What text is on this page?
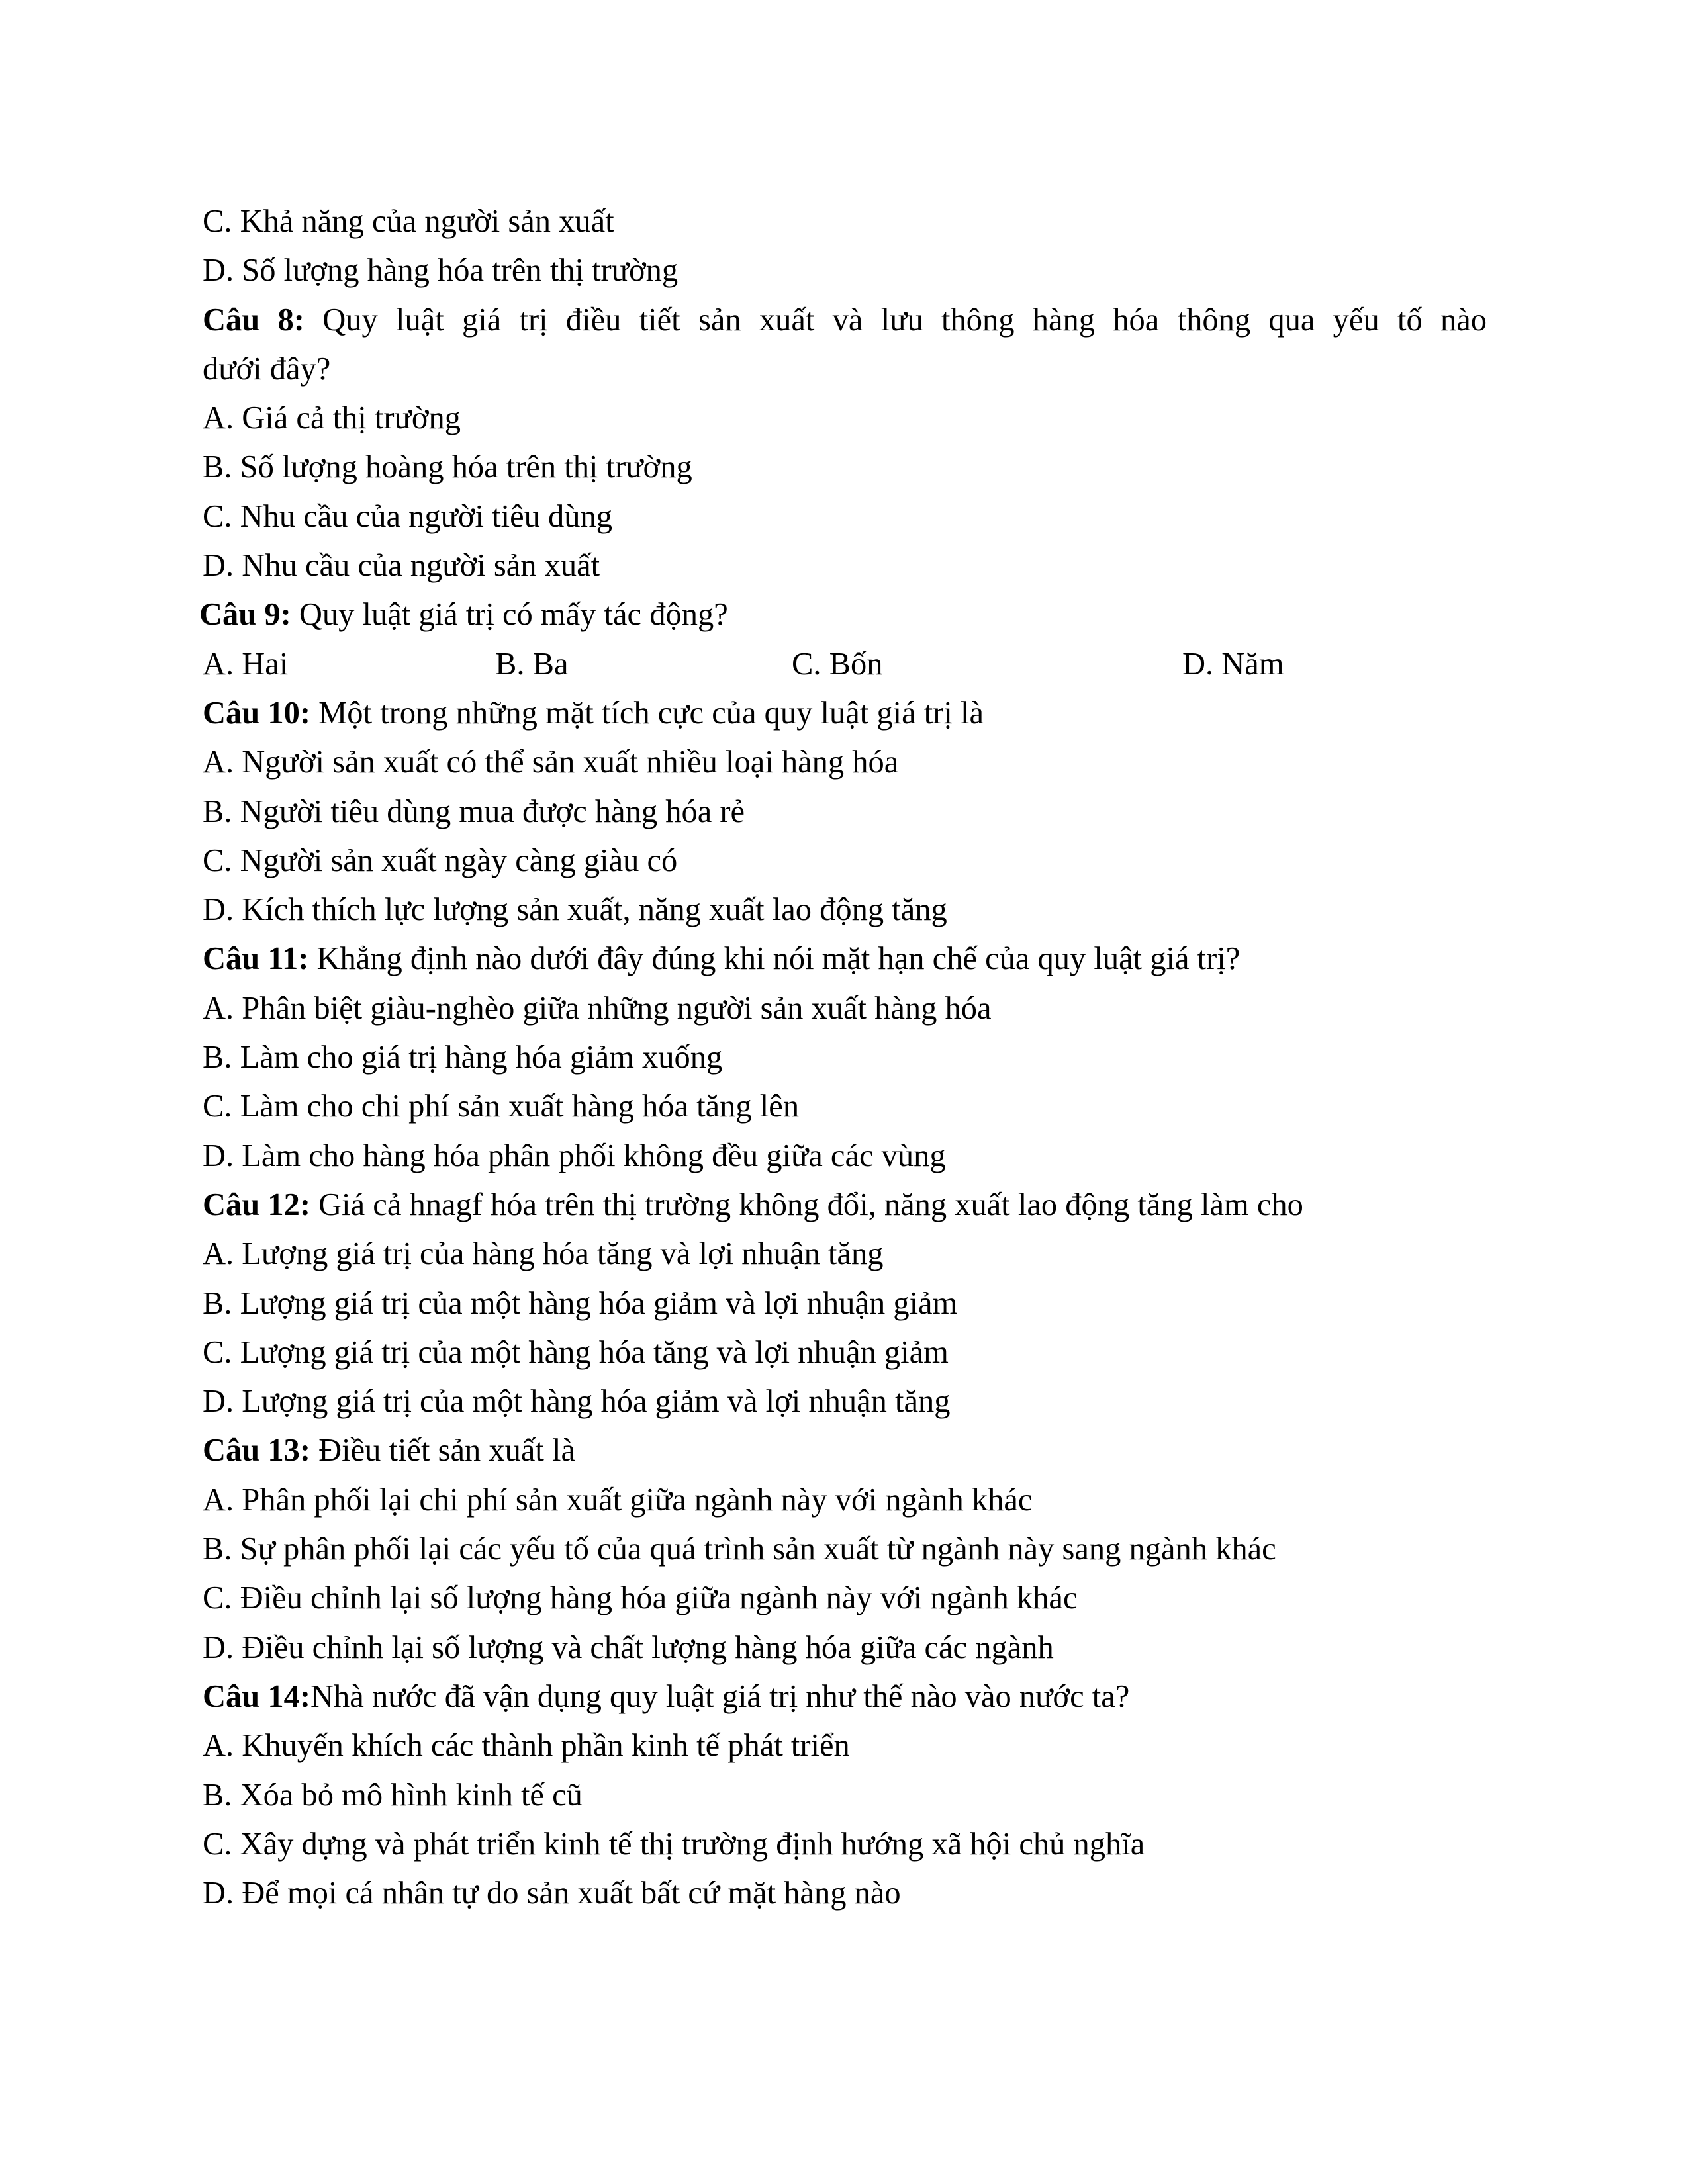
C. Khả năng của người sản xuất
D. Số lượng hàng hóa trên thị trường
Câu 8: Quy luật giá trị điều tiết sản xuất và lưu thông hàng hóa thông qua yếu tố nào
dưới đây?
A. Giá cả thị trường
B. Số lượng hoàng hóa trên thị trường
C. Nhu cầu của người tiêu dùng
D. Nhu cầu của người sản xuất
Câu 9: Quy luật giá trị có mấy tác động?
A. Hai	B. Ba	C. Bốn	D. Năm
Câu 10: Một trong những mặt tích cực của quy luật giá trị là
A. Người sản xuất có thể sản xuất nhiều loại hàng hóa
B. Người tiêu dùng mua được hàng hóa rẻ
C. Người sản xuất ngày càng giàu có
D. Kích thích lực lượng sản xuất, năng xuất lao động tăng
Câu 11: Khẳng định nào dưới đây đúng khi nói mặt hạn chế của quy luật giá trị?
A. Phân biệt giàu-nghèo giữa những người sản xuất hàng hóa
B. Làm cho giá trị hàng hóa giảm xuống
C. Làm cho chi phí sản xuất hàng hóa tăng lên
D. Làm cho hàng hóa phân phối không đều giữa các vùng
Câu 12: Giá cả hnagf hóa trên thị trường không đổi, năng xuất lao động tăng làm cho
A. Lượng giá trị của hàng hóa tăng và lợi nhuận tăng
B. Lượng giá trị của một hàng hóa giảm và lợi nhuận giảm
C. Lượng giá trị của một hàng hóa tăng và lợi nhuận giảm
D. Lượng giá trị của một hàng hóa giảm và lợi nhuận tăng
Câu 13: Điều tiết sản xuất là
A. Phân phối lại chi phí sản xuất giữa ngành này với ngành khác
B. Sự phân phối lại các yếu tố của quá trình sản xuất từ ngành này sang ngành khác
C. Điều chỉnh lại số lượng hàng hóa giữa ngành này với ngành khác
D. Điều chỉnh lại số lượng và chất lượng hàng hóa giữa các ngành
Câu 14:Nhà nước đã vận dụng quy luật giá trị như thế nào vào nước ta?
A. Khuyến khích các thành phần kinh tế phát triển
B. Xóa bỏ mô hình kinh tế cũ
C. Xây dựng và phát triển kinh tế thị trường định hướng xã hội chủ nghĩa
D. Để mọi cá nhân tự do sản xuất bất cứ mặt hàng nào
